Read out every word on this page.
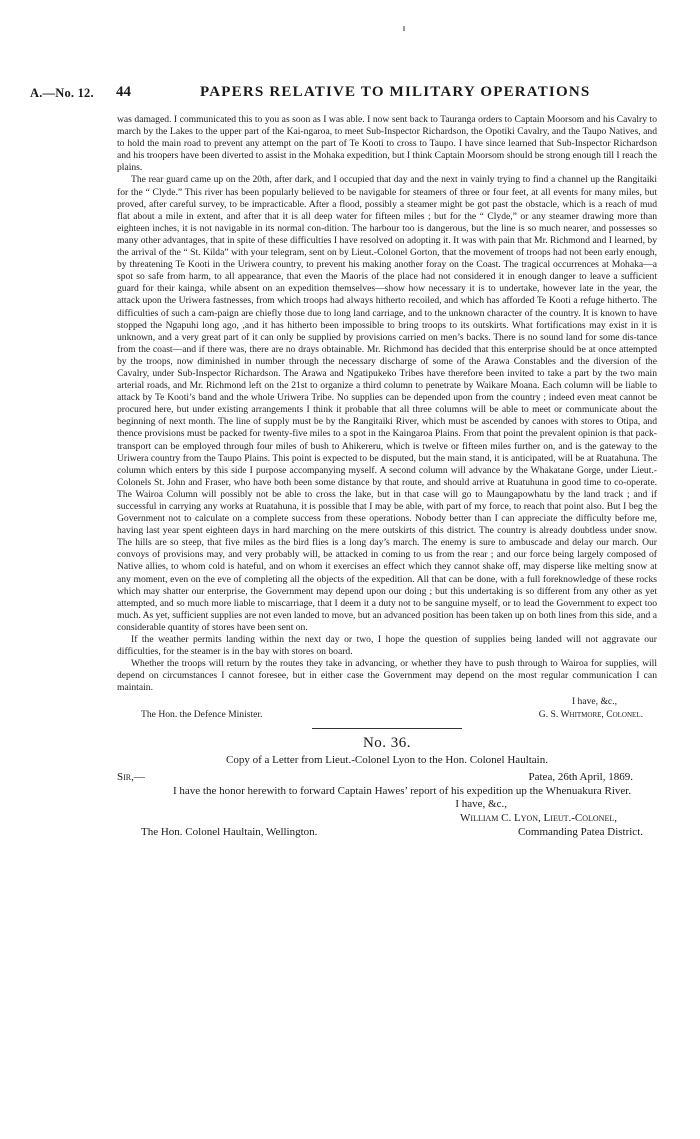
A.—No. 12. 44	PAPERS RELATIVE TO MILITARY OPERATIONS

was damaged. I communicated this to you as soon as I was able. I now sent back to Tauranga orders to Captain Moorsom and his Cavalry to march by the Lakes to the upper part of the Kai-ngaroa, to meet Sub-Inspector Richardson, the Opotiki Cavalry, and the Taupo Natives, and to hold the main road to prevent any attempt on the part of Te Kooti to cross to Taupo. I have since learned that Sub-Inspector Richardson and his troopers have been diverted to assist in the Mohaka expedition, but I think Captain Moorsom should be strong enough till I reach the plains.

The rear guard came up on the 20th, after dark, and I occupied that day and the next in vainly trying to find a channel up the Rangitaiki for the “ Clyde.” This river has been popularly believed to be navigable for steamers of three or four feet, at all events for many miles, but proved, after careful survey, to be impracticable. After a flood, possibly a steamer might be got past the obstacle, which is a reach of mud flat about a mile in extent, and after that it is all deep water for fifteen miles ; but for the “ Clyde,” or any steamer drawing more than eighteen inches, it is not navigable in its normal con-dition. The harbour too is dangerous, but the line is so much nearer, and possesses so many other advantages, that in spite of these difficulties I have resolved on adopting it. It was with pain that Mr. Richmond and I learned, by the arrival of the “ St. Kilda” with your telegram, sent on by Lieut.-Colonel Gorton, that the movement of troops had not been early enough, by threatening Te Kooti in the Uriwera country, to prevent his making another foray on the Coast. The tragical occurrences at Mohaka—a spot so safe from harm, to all appearance, that even the Maoris of the place had not considered it in enough danger to leave a sufficient guard for their kainga, while absent on an expedition themselves—show how necessary it is to undertake, however late in the year, the attack upon the Uriwera fastnesses, from which troops had always hitherto recoiled, and which has afforded Te Kooti a refuge hitherto. The difficulties of such a cam-paign are chiefly those due to long land carriage, and to the unknown character of the country. It is known to have stopped the Ngapuhi long ago, ,and it has hitherto been impossible to bring troops to its outskirts. What fortifications may exist in it is unknown, and a very great part of it can only be supplied by provisions carried on men’s backs. There is no sound land for some dis-tance from the coast—and if there was, there are no drays obtainable. Mr. Richmond has decided that this enterprise should be at once attempted by the troops, now diminished in number through the necessary discharge of some of the Arawa Constables and the diversion of the Cavalry, under Sub-Inspector Richardson. The Arawa and Ngatipukeko Tribes have therefore been invited to take a part by the two main arterial roads, and Mr. Richmond left on the 21st to organize a third column to penetrate by Waikare Moana. Each column will be liable to attack by Te Kooti’s band and the whole Uriwera Tribe. No supplies can be depended upon from the country ; indeed even meat cannot be procured here, but under existing arrangements I think it probable that all three columns will be able to meet or communicate about the beginning of next month. The line of supply must be by the Rangitaiki River, which must be ascended by canoes with stores to Otipa, and thence provisions must be packed for twenty-five miles to a spot in the Kaingaroa Plains. From that point the prevalent opinion is that pack-transport can be employed through four miles of bush to Ahikereru, which is twelve or fifteen miles further on, and is the gateway to the Uriwera country from the Taupo Plains. This point is expected to be disputed, but the main stand, it is anticipated, will be at Ruatahuna. The column which enters by this side I purpose accompanying myself. A second column will advance by the Whakatane Gorge, under Lieut.-Colonels St. John and Fraser, who have both been some distance by that route, and should arrive at Ruatuhuna in good time to co-operate. The Wairoa Column will possibly not be able to cross the lake, but in that case will go to Maungapowhatu by the land track ; and if successful in carrying any works at Ruatahuna, it is possible that I may be able, with part of my force, to reach that point also. But I beg the Government not to calculate on a complete success from these operations. Nobody better than I can appreciate the difficulty before me, having last year spent eighteen days in hard marching on the mere outskirts of this district. The country is already doubtless under snow. The hills are so steep, that five miles as the bird flies is a long day’s march. The enemy is sure to ambuscade and delay our march. Our convoys of provisions may, and very probably will, be attacked in coming to us from the rear ; and our force being largely composed of Native allies, to whom cold is hateful, and on whom it exercises an effect which they cannot shake off, may disperse like melting snow at any moment, even on the eve of completing all the objects of the expedition. All that can be done, with a full foreknowledge of these rocks which may shatter our enterprise, the Government may depend upon our doing ; but this undertaking is so different from any other as yet attempted, and so much more liable to miscarriage, that I deem it a duty not to be sanguine myself, or to lead the Government to expect too much. As yet, sufficient supplies are not even landed to move, but an advanced position has been taken up on both lines from this side, and a considerable quantity of stores have been sent on.

If the weather permits landing within the next day or two, I hope the question of supplies being landed will not aggravate our difficulties, for the steamer is in the bay with stores on board.

Whether the troops will return by the routes they take in advancing, or whether they have to push through to Wairoa for supplies, will depend on circumstances I cannot foresee, but in either case the Government may depend on the most regular communication I can maintain.

I have, &c.,
The Hon. the Defence Minister.	G. S. Whitmore, Colonel.
No. 36.
Copy of a Letter from Lieut.-Colonel Lyon to the Hon. Colonel Haultain.
Sir,—	Patea, 26th April, 1869.

I have the honor herewith to forward Captain Hawes’ report of his expedition up the Whenuakura River.

I have, &c.,
William C. Lyon, Lieut.-Colonel,
The Hon. Colonel Haultain, Wellington.	Commanding Patea District.
